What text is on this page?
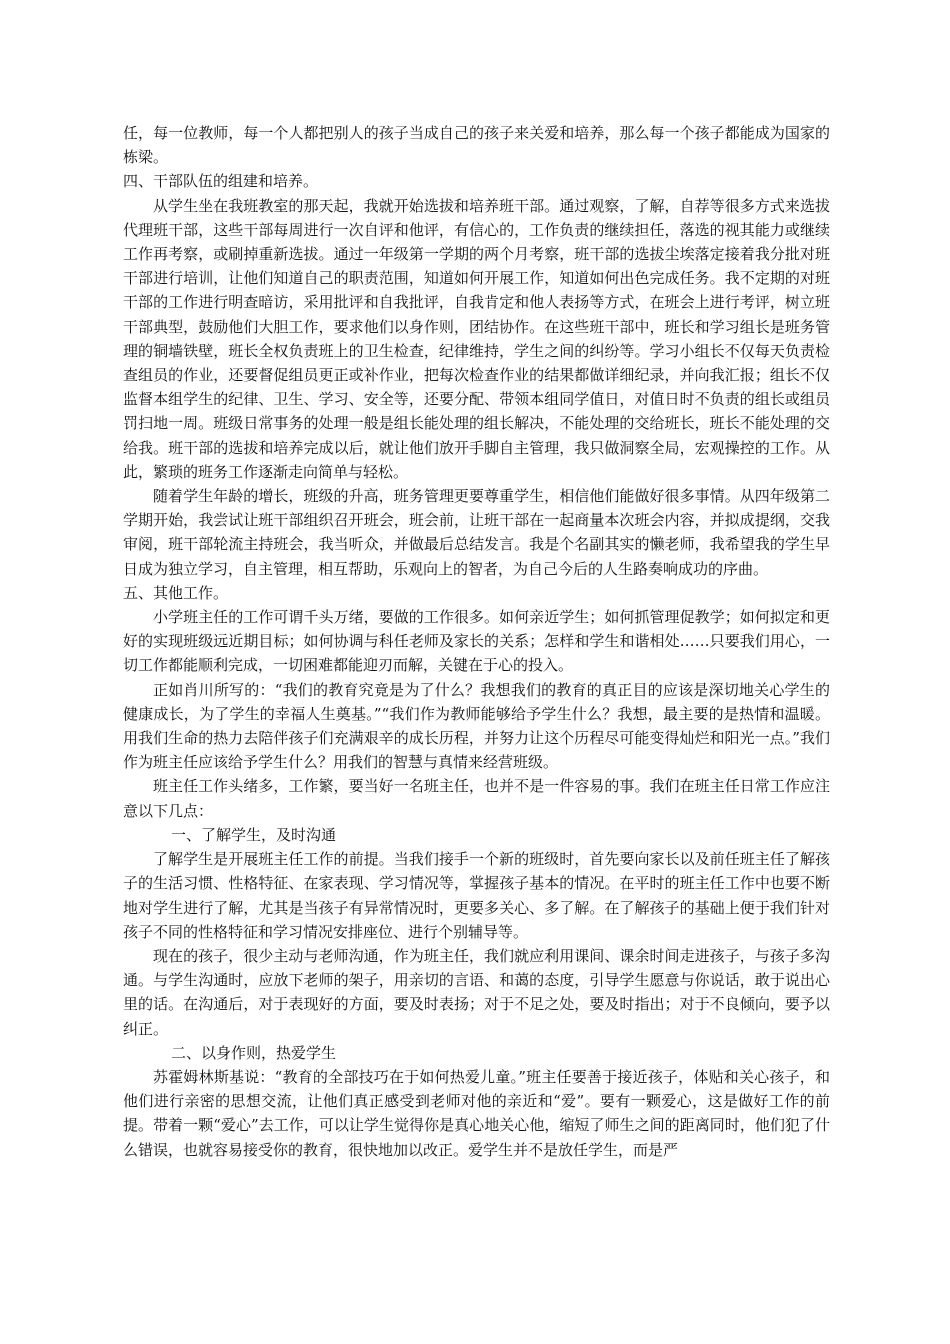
任，每一位教师，每一个人都把别人的孩子当成自己的孩子来关爱和培养，那么每一个孩子都能成为国家的栋梁。

四、干部队伍的组建和培养。

从学生坐在我班教室的那天起，我就开始选拔和培养班干部。通过观察，了解，自荐等很多方式来选拔代理班干部，这些干部每周进行一次自评和他评，有信心的，工作负责的继续担任，落选的视其能力或继续工作再考察，或刷掉重新选拔。通过一年级第一学期的两个月考察，班干部的选拔尘埃落定接着我分批对班干部进行培训，让他们知道自己的职责范围，知道如何开展工作，知道如何出色完成任务。我不定期的对班干部的工作进行明查暗访，采用批评和自我批评，自我肯定和他人表扬等方式，在班会上进行考评，树立班干部典型，鼓励他们大胆工作，要求他们以身作则，团结协作。在这些班干部中，班长和学习组长是班务管理的铜墙铁壁，班长全权负责班上的卫生检查，纪律维持，学生之间的纠纷等。学习小组长不仅每天负责检查组员的作业，还要督促组员更正或补作业，把每次检查作业的结果都做详细纪录，并向我汇报；组长不仅监督本组学生的纪律、卫生、学习、安全等，还要分配、带领本组同学值日，对值日时不负责的组长或组员罚扫地一周。班级日常事务的处理一般是组长能处理的组长解决，不能处理的交给班长，班长不能处理的交给我。班干部的选拔和培养完成以后，就让他们放开手脚自主管理，我只做洞察全局，宏观操控的工作。从此，繁琐的班务工作逐渐走向简单与轻松。

随着学生年龄的增长，班级的升高，班务管理更要尊重学生，相信他们能做好很多事情。从四年级第二学期开始，我尝试让班干部组织召开班会，班会前，让班干部在一起商量本次班会内容，并拟成提纲，交我审阅，班干部轮流主持班会，我当听众，并做最后总结发言。我是个名副其实的懒老师，我希望我的学生早日成为独立学习，自主管理，相互帮助，乐观向上的智者，为自己今后的人生路奏响成功的序曲。

五、其他工作。

小学班主任的工作可谓千头万绪，要做的工作很多。如何亲近学生；如何抓管理促教学；如何拟定和更好的实现班级远近期目标；如何协调与科任老师及家长的关系；怎样和学生和谐相处……只要我们用心，一切工作都能顺利完成，一切困难都能迎刃而解，关键在于心的投入。

正如肖川所写的：“我们的教育究竟是为了什么？我想我们的教育的真正目的应该是深切地关心学生的健康成长，为了学生的幸福人生奠基。”“我们作为教师能够给予学生什么？我想，最主要的是热情和温暖。用我们生命的热力去陪伴孩子们充满艰辛的成长历程，并努力让这个历程尽可能变得灿烂和阳光一点。”我们作为班主任应该给予学生什么？用我们的智慧与真情来经营班级。

班主任工作头绪多，工作繁，要当好一名班主任，也并不是一件容易的事。我们在班主任日常工作应注意以下几点：

一、了解学生，及时沟通

了解学生是开展班主任工作的前提。当我们接手一个新的班级时，首先要向家长以及前任班主任了解孩子的生活习惯、性格特征、在家表现、学习情况等，掌握孩子基本的情况。在平时的班主任工作中也要不断地对学生进行了解，尤其是当孩子有异常情况时，更要多关心、多了解。在了解孩子的基础上便于我们针对孩子不同的性格特征和学习情况安排座位、进行个别辅导等。

现在的孩子，很少主动与老师沟通，作为班主任，我们就应利用课间、课余时间走进孩子，与孩子多沟通。与学生沟通时，应放下老师的架子，用亲切的言语、和蔼的态度，引导学生愿意与你说话，敢于说出心里的话。在沟通后，对于表现好的方面，要及时表扬；对于不足之处，要及时指出；对于不良倾向，要予以纠正。

二、以身作则，热爱学生

苏霍姆林斯基说：“教育的全部技巧在于如何热爱儿童。”班主任要善于接近孩子，体贴和关心孩子，和他们进行亲密的思想交流，让他们真正感受到老师对他的亲近和“爱”。要有一颗爱心，这是做好工作的前提。带着一颗“爱心”去工作，可以让学生觉得你是真心地关心他，缩短了师生之间的距离同时，他们犯了什么错误，也就容易接受你的教育，很快地加以改正。爱学生并不是放任学生，而是严
